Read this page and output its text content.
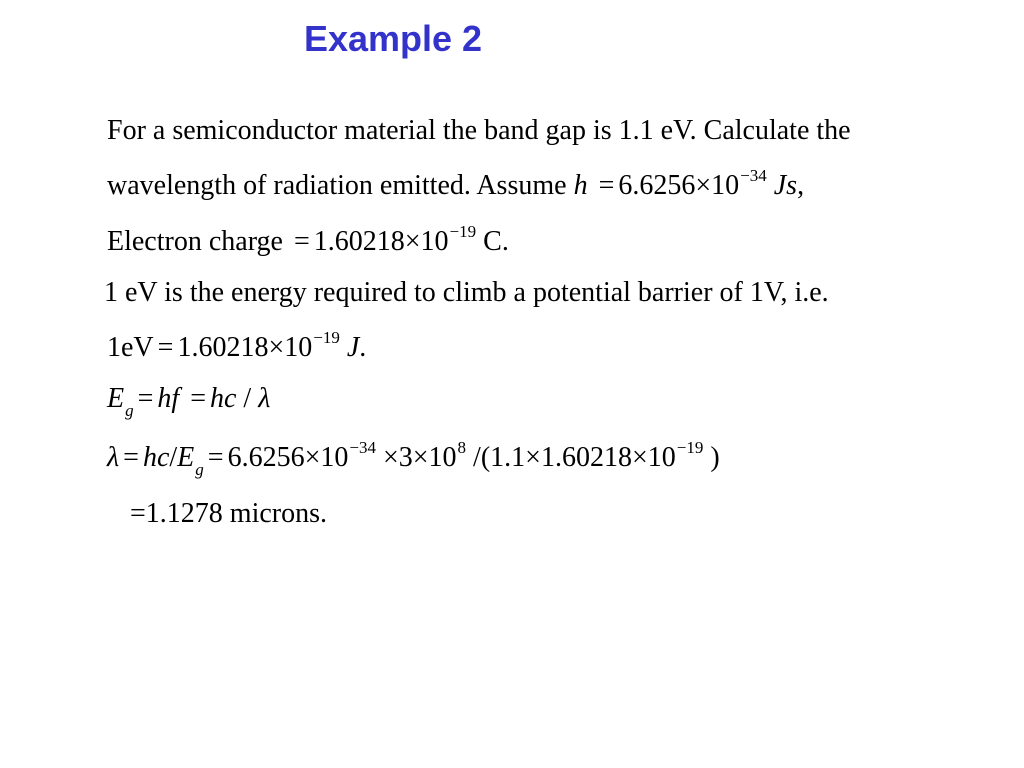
Example 2
For a semiconductor material the band gap is 1.1 eV. Calculate the
wavelength of radiation emitted. Assume $h = 6.6256\times 10^{-34}$ Js,
Electron charge = $1.60218\times 10^{-19}$ C.
1 eV is the energy required to climb a potential barrier of 1V, i.e.
$1eV = 1.60218\times 10^{-19}$ J.
$E_g$ = hf = hc / λ
$\lambda = hc/E_g = 6.6256\times 10^{-34} \times 3\times 10^8$ $/(1.1\times 1.60218\times 10^{-19}$ )
=1.1278 microns.
